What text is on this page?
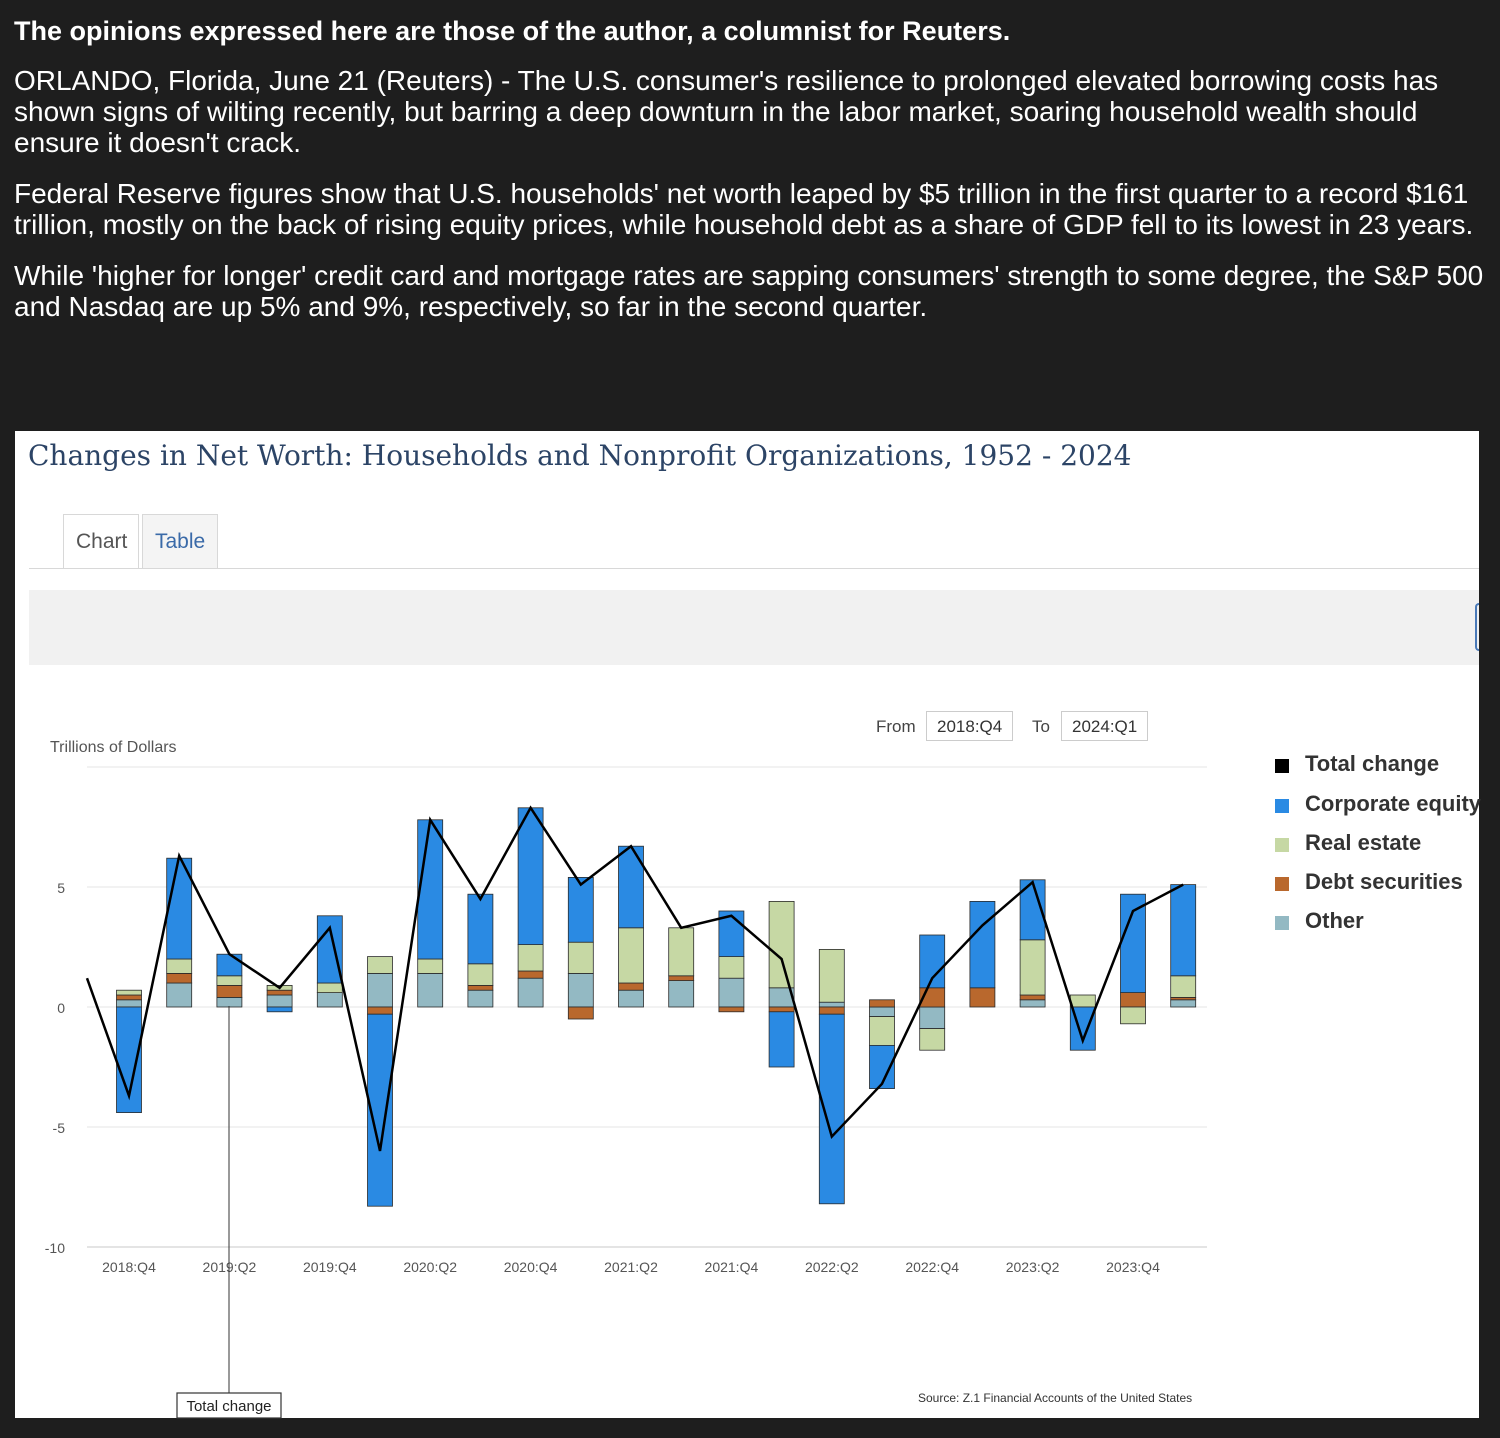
The opinions expressed here are those of the author, a columnist for Reuters.

ORLANDO, Florida, June 21 (Reuters) - The U.S. consumer's resilience to prolonged elevated borrowing costs has shown signs of wilting recently, but barring a deep downturn in the labor market, soaring household wealth should ensure it doesn't crack.

Federal Reserve figures show that U.S. households' net worth leaped by $5 trillion in the first quarter to a record $161 trillion, mostly on the back of rising equity prices, while household debt as a share of GDP fell to its lowest in 23 years.

While 'higher for longer' credit card and mortgage rates are sapping consumers' strength to some degree, the S&P 500 and Nasdaq are up 5% and 9%, respectively, so far in the second quarter.

Changes in Net Worth: Households and Nonprofit Organizations, 1952 - 2024
Chart	Table
From	2018:Q4	To	2024:Q1
Total change
Corporate equity
Real estate
Debt securities
Other
Trillions of Dollars
-10
-5
0
5
2018:Q4	2019:Q2	2019:Q4	2020:Q2	2020:Q4	2021:Q2	2021:Q4	2022:Q2	2022:Q4	2023:Q2	2023:Q4
Total change	Source: Z.1 Financial Accounts of the United States
